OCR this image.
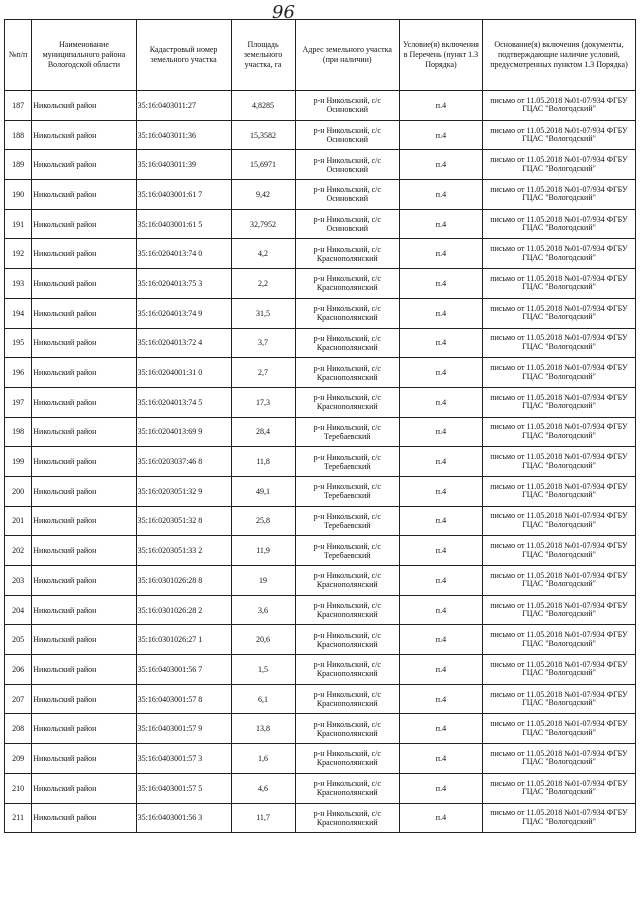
96
№п/п	Наименование муниципального района Вологодской области	Кадастровый номер земельного участка	Площадь земельного участка, га	Адрес земельного участка (при наличии)	Условие(я) включения в Перечень (пункт 1.3 Порядка)	Основание(я) включения (документы, подтверждающие наличие условий, предусмотренных пунктом 1.3 Порядка)
187	Никольский район	35:16:0403011:27	4,8285	р-н Никольский, с/с Осиновский	п.4	письмо от 11.05.2018 №01-07/934 ФГБУ ГЦАС "Вологодский"
188	Никольский район	35:16:0403011:36	15,3582	р-н Никольский, с/с Осиновский	п.4	письмо от 11.05.2018 №01-07/934 ФГБУ ГЦАС "Вологодский"
189	Никольский район	35:16:0403011:39	15,6971	р-н Никольский, с/с Осиновский	п.4	письмо от 11.05.2018 №01-07/934 ФГБУ ГЦАС "Вологодский"
190	Никольский район	35:16:0403001:61 7	9,42	р-н Никольский, с/с Осиновский	п.4	письмо от 11.05.2018 №01-07/934 ФГБУ ГЦАС "Вологодский"
191	Никольский район	35:16:0403001:61 5	32,7952	р-н Никольский, с/с Осиновский	п.4	письмо от 11.05.2018 №01-07/934 ФГБУ ГЦАС "Вологодский"
192	Никольский район	35:16:0204013:74 0	4,2	р-н Никольский, с/с Краснополянский	п.4	письмо от 11.05.2018 №01-07/934 ФГБУ ГЦАС "Вологодский"
193	Никольский район	35:16:0204013:75 3	2,2	р-н Никольский, с/с Краснополянский	п.4	письмо от 11.05.2018 №01-07/934 ФГБУ ГЦАС "Вологодский"
194	Никольский район	35:16:0204013:74 9	31,5	р-н Никольский, с/с Краснополянский	п.4	письмо от 11.05.2018 №01-07/934 ФГБУ ГЦАС "Вологодский"
195	Никольский район	35:16:0204013:72 4	3,7	р-н Никольский, с/с Краснополянский	п.4	письмо от 11.05.2018 №01-07/934 ФГБУ ГЦАС "Вологодский"
196	Никольский район	35:16:0204001:31 0	2,7	р-н Никольский, с/с Краснополянский	п.4	письмо от 11.05.2018 №01-07/934 ФГБУ ГЦАС "Вологодский"
197	Никольский район	35:16:0204013:74 5	17,3	р-н Никольский, с/с Краснополянский	п.4	письмо от 11.05.2018 №01-07/934 ФГБУ ГЦАС "Вологодский"
198	Никольский район	35:16:0204013:69 9	28,4	р-н Никольский, с/с Теребаевский	п.4	письмо от 11.05.2018 №01-07/934 ФГБУ ГЦАС "Вологодский"
199	Никольский район	35:16:0203037:46 8	11,8	р-н Никольский, с/с Теребаевский	п.4	письмо от 11.05.2018 №01-07/934 ФГБУ ГЦАС "Вологодский"
200	Никольский район	35:16:0203051:32 9	49,1	р-н Никольский, с/с Теребаевский	п.4	письмо от 11.05.2018 №01-07/934 ФГБУ ГЦАС "Вологодский"
201	Никольский район	35:16:0203051:32 8	25,8	р-н Никольский, с/с Теребаевский	п.4	письмо от 11.05.2018 №01-07/934 ФГБУ ГЦАС "Вологодский"
202	Никольский район	35:16:0203051:33 2	11,9	р-н Никольский, с/с Теребаевский	п.4	письмо от 11.05.2018 №01-07/934 ФГБУ ГЦАС "Вологодский"
203	Никольский район	35:16:0301026:28 8	19	р-н Никольский, с/с Краснополянский	п.4	письмо от 11.05.2018 №01-07/934 ФГБУ ГЦАС "Вологодский"
204	Никольский район	35:16:0301026:28 2	3,6	р-н Никольский, с/с Краснополянский	п.4	письмо от 11.05.2018 №01-07/934 ФГБУ ГЦАС "Вологодский"
205	Никольский район	35:16:0301026:27 1	20,6	р-н Никольский, с/с Краснополянский	п.4	письмо от 11.05.2018 №01-07/934 ФГБУ ГЦАС "Вологодский"
206	Никольский район	35:16:0403001:56 7	1,5	р-н Никольский, с/с Краснополянский	п.4	письмо от 11.05.2018 №01-07/934 ФГБУ ГЦАС "Вологодский"
207	Никольский район	35:16:0403001:57 8	6,1	р-н Никольский, с/с Краснополянский	п.4	письмо от 11.05.2018 №01-07/934 ФГБУ ГЦАС "Вологодский"
208	Никольский район	35:16:0403001:57 9	13,8	р-н Никольский, с/с Краснополянский	п.4	письмо от 11.05.2018 №01-07/934 ФГБУ ГЦАС "Вологодский"
209	Никольский район	35:16:0403001:57 3	1,6	р-н Никольский, с/с Краснополянский	п.4	письмо от 11.05.2018 №01-07/934 ФГБУ ГЦАС "Вологодский"
210	Никольский район	35:16:0403001:57 5	4,6	р-н Никольский, с/с Краснополянский	п.4	письмо от 11.05.2018 №01-07/934 ФГБУ ГЦАС "Вологодский"
211	Никольский район	35:16:0403001:56 3	11,7	р-н Никольский, с/с Краснополянский	п.4	письмо от 11.05.2018 №01-07/934 ФГБУ ГЦАС "Вологодский"
